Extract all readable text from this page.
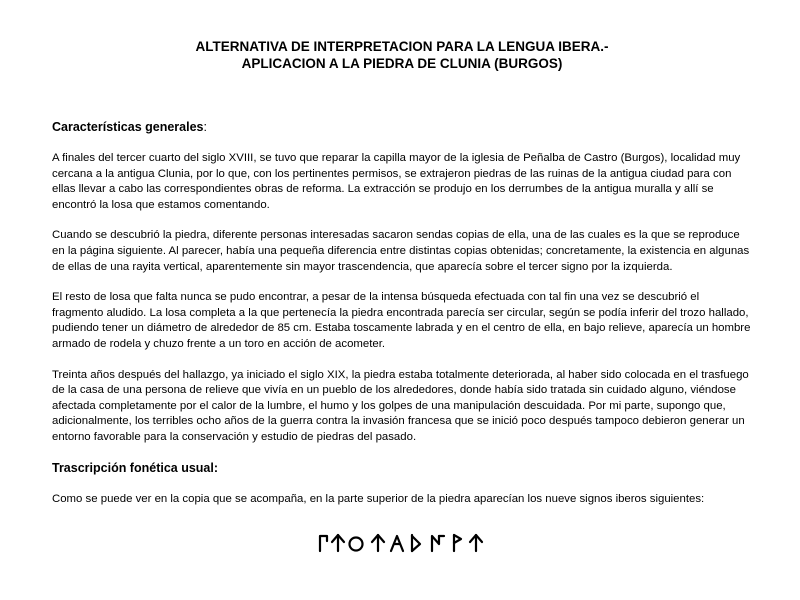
ALTERNATIVA DE INTERPRETACION PARA LA LENGUA IBERA.-

APLICACION A LA PIEDRA DE CLUNIA (BURGOS)

Características generales:

A finales del tercer cuarto del siglo XVIII, se tuvo que reparar la capilla mayor de la iglesia de Peñalba de Castro (Burgos), localidad muy cercana a la antigua Clunia, por lo que, con los pertinentes permisos, se extrajeron piedras de las ruinas de la antigua ciudad para con ellas llevar a cabo las correspondientes obras de reforma. La extracción se produjo en los derrumbes de la antigua muralla y allí se encontró la losa que estamos comentando.

Cuando se descubrió la piedra, diferente personas interesadas sacaron sendas copias de ella, una de las cuales es la que se reproduce en la página siguiente. Al parecer, había una pequeña diferencia entre distintas copias obtenidas; concretamente, la existencia en algunas de ellas de una rayita vertical, aparentemente sin mayor trascendencia, que aparecía sobre el tercer signo por la izquierda.

El resto de losa que falta nunca se pudo encontrar, a pesar de la intensa búsqueda efectuada con tal fin una vez se descubrió el fragmento aludido. La losa completa a la que pertenecía la piedra encontrada parecía ser circular, según se podía inferir del trozo hallado, pudiendo tener un diámetro de alrededor de 85 cm. Estaba toscamente labrada y en el centro de ella, en bajo relieve, aparecía un hombre armado de rodela y chuzo frente a un toro en acción de acometer.

Treinta años después del hallazgo, ya iniciado el siglo XIX, la piedra estaba totalmente deteriorada, al haber sido colocada en el trasfuego de la casa de una persona de relieve que vivía en un pueblo de los alrededores, donde había sido tratada sin cuidado alguno, viéndose afectada completamente por el calor de la lumbre, el humo y los golpes de una manipulación descuidada. Por mi parte, supongo que, adicionalmente, los terribles ocho años de la guerra contra la invasión francesa que se inició poco después tampoco debieron generar un entorno favorable para la conservación y estudio de piedras del pasado.

Trascripción fonética usual:

Como se puede ver en la copia que se acompaña, en la parte superior de la piedra aparecían los nueve signos iberos siguientes:
